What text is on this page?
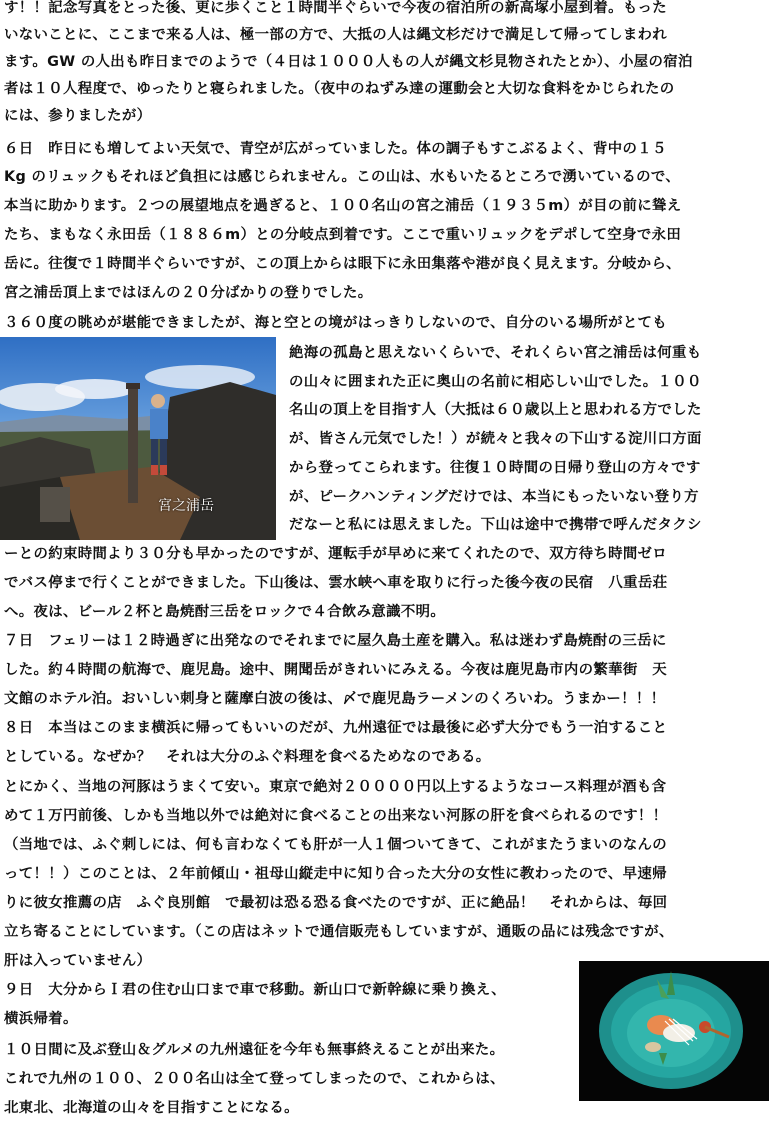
す！！記念写真をとった後、更に歩くこと１時間半ぐらいで今夜の宿泊所の新高塚小屋到着。もった
いないことに、ここまで来る人は、極一部の方で、大抵の人は縄文杉だけで満足して帰ってしまわれ
ます。GW の人出も昨日までのようで（４日は１０００人もの人が縄文杉見物されたとか）、小屋の宿泊
者は１０人程度で、ゆったりと寝られました。（夜中のねずみ達の運動会と大切な食料をかじられたの
には、参りましたが）
６日　昨日にも増してよい天気で、青空が広がっていました。体の調子もすこぶるよく、背中の１５
Kg のリュックもそれほど負担には感じられません。この山は、水もいたるところで湧いているので、
本当に助かります。２つの展望地点を過ぎると、１００名山の宮之浦岳（１９３５m）が目の前に聳え
たち、まもなく永田岳（１８８６m）との分岐点到着です。ここで重いリュックをデポして空身で永田
岳に。往復で１時間半ぐらいですが、この頂上からは眼下に永田集落や港が良く見えます。分岐から、
宮之浦岳頂上まではほんの２０分ばかりの登りでした。
３６０度の眺めが堪能できましたが、海と空との境がはっきりしないので、自分のいる場所がとても
宮之浦岳
絶海の孤島と思えないくらいで、それくらい宮之浦岳は何重も
の山々に囲まれた正に奥山の名前に相応しい山でした。１００
名山の頂上を目指す人（大抵は６０歳以上と思われる方でした
が、皆さん元気でした！）が続々と我々の下山する淀川口方面
から登ってこられます。往復１０時間の日帰り登山の方々です
が、ピークハンティングだけでは、本当にもったいない登り方
だなーと私には思えました。下山は途中で携帯で呼んだタクシ
ーとの約束時間より３０分も早かったのですが、運転手が早めに来てくれたので、双方待ち時間ゼロ
でバス停まで行くことができました。下山後は、雲水峡へ車を取りに行った後今夜の民宿　八重岳荘
へ。夜は、ビール２杯と島焼酎三岳をロックで４合飲み意識不明。
７日　フェリーは１２時過ぎに出発なのでそれまでに屋久島土産を購入。私は迷わず島焼酎の三岳に
した。約４時間の航海で、鹿児島。途中、開聞岳がきれいにみえる。今夜は鹿児島市内の繁華街　天
文館のホテル泊。おいしい刺身と薩摩白波の後は、〆で鹿児島ラーメンのくろいわ。うまかー！！！
８日　本当はこのまま横浜に帰ってもいいのだが、九州遠征では最後に必ず大分でもう一泊すること
としている。なぜか？　それは大分のふぐ料理を食べるためなのである。
とにかく、当地の河豚はうまくて安い。東京で絶対２００００円以上するようなコース料理が酒も含
めて１万円前後、しかも当地以外では絶対に食べることの出来ない河豚の肝を食べられるのです！！
（当地では、ふぐ刺しには、何も言わなくても肝が一人１個ついてきて、これがまたうまいのなんの
って！！）このことは、２年前傾山・祖母山縦走中に知り合った大分の女性に教わったので、早速帰
りに彼女推薦の店　ふぐ良別館　で最初は恐る恐る食べたのですが、正に絶品！　それからは、毎回
立ち寄ることにしています。（この店はネットで通信販売もしていますが、通販の品には残念ですが、
肝は入っていません）
９日　大分からＩ君の住む山口まで車で移動。新山口で新幹線に乗り換え、
横浜帰着。
１０日間に及ぶ登山＆グルメの九州遠征を今年も無事終えることが出来た。
これで九州の１００、２００名山は全て登ってしまったので、これからは、
北東北、北海道の山々を目指すことになる。
